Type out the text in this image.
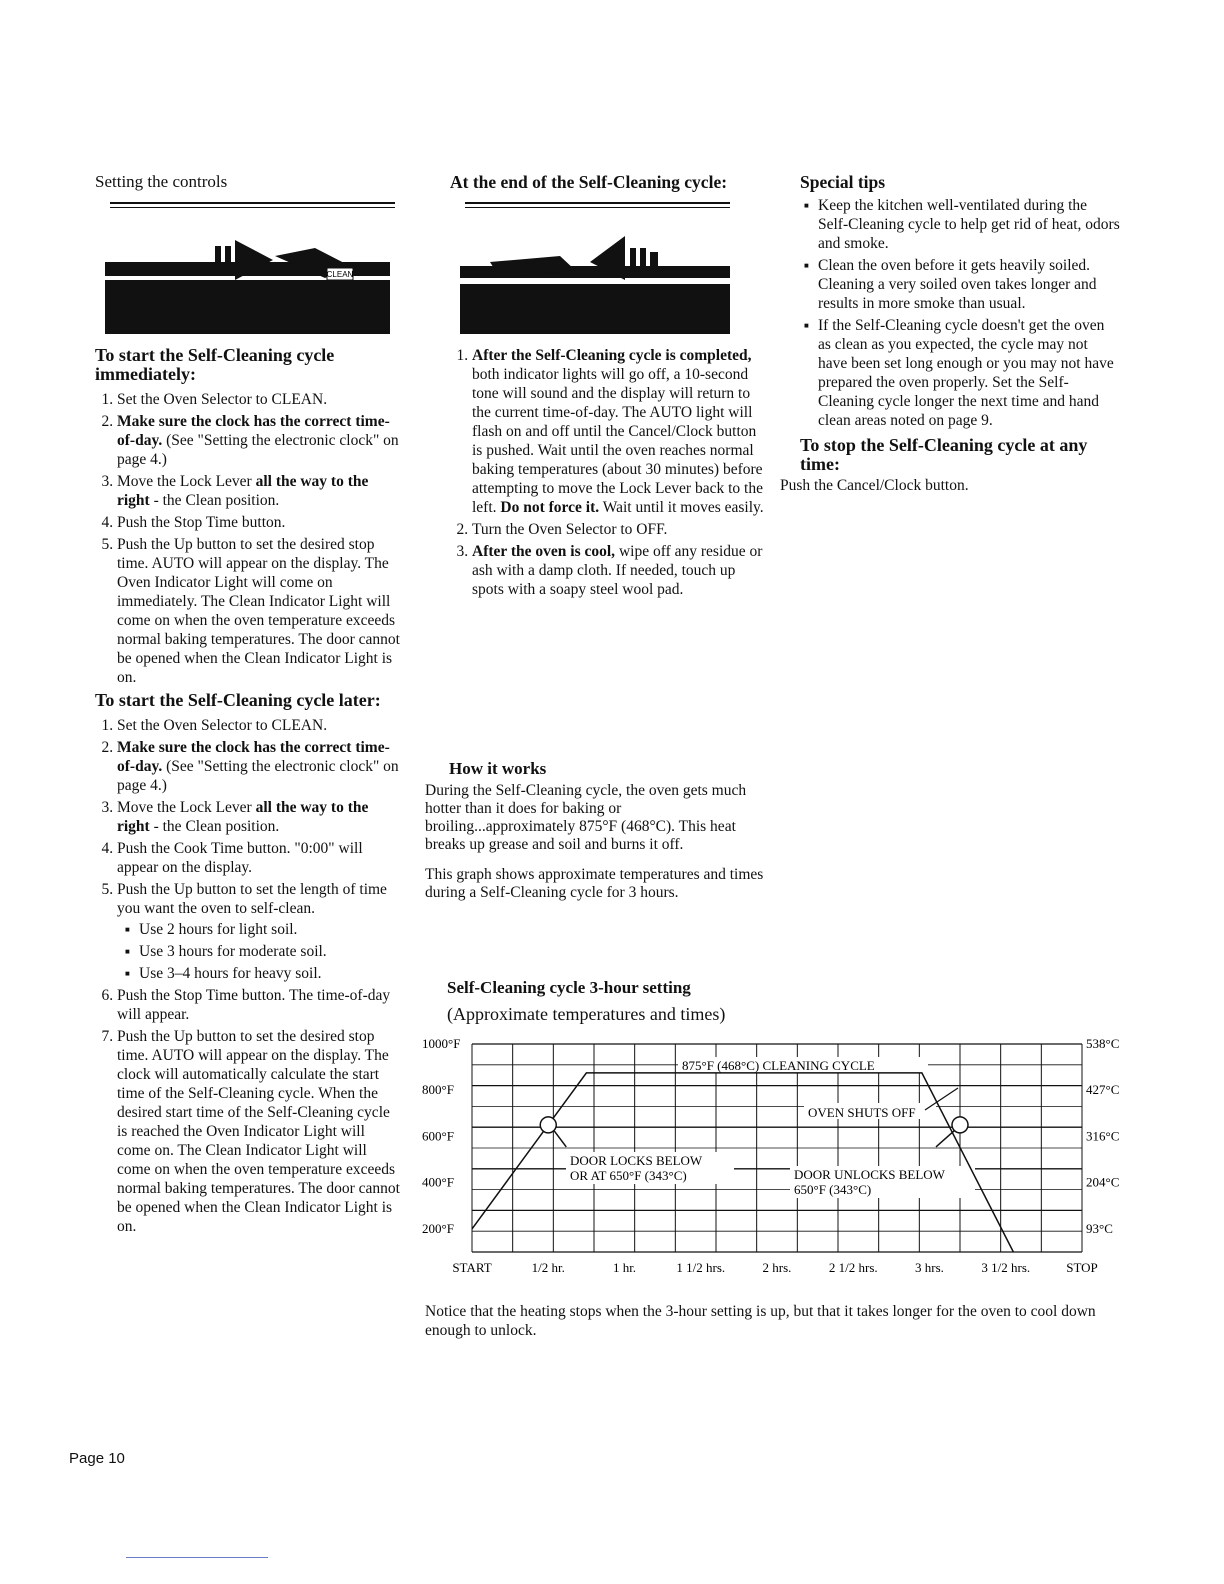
Setting the controls

CLEAN

To start the Self-Cleaning cycle immediately:

1. Set the Oven Selector to CLEAN.
2. Make sure the clock has the correct time-of-day. (See "Setting the electronic clock" on page 4.)
3. Move the Lock Lever all the way to the right - the Clean position.
4. Push the Stop Time button.
5. Push the Up button to set the desired stop time. AUTO will appear on the display. The Oven Indicator Light will come on immediately. The Clean Indicator Light will come on when the oven temperature exceeds normal baking temperatures. The door cannot be opened when the Clean Indicator Light is on.

To start the Self-Cleaning cycle later:

1. Set the Oven Selector to CLEAN.
2. Make sure the clock has the correct time-of-day. (See "Setting the electronic clock" on page 4.)
3. Move the Lock Lever all the way to the right - the Clean position.
4. Push the Cook Time button. "0:00" will appear on the display.
5. Push the Up button to set the length of time you want the oven to self-clean.
■ Use 2 hours for light soil.
■ Use 3 hours for moderate soil.
■ Use 3–4 hours for heavy soil.
6. Push the Stop Time button. The time-of-day will appear.
7. Push the Up button to set the desired stop time. AUTO will appear on the display. The clock will automatically calculate the start time of the Self-Cleaning cycle. When the desired start time of the Self-Cleaning cycle is reached the Oven Indicator Light will come on. The Clean Indicator Light will come on when the oven temperature exceeds normal baking temperatures. The door cannot be opened when the Clean Indicator Light is on.

At the end of the Self-Cleaning cycle:

1. After the Self-Cleaning cycle is completed, both indicator lights will go off, a 10-second tone will sound and the display will return to the current time-of-day. The AUTO light will flash on and off until the Cancel/Clock button is pushed. Wait until the oven reaches normal baking temperatures (about 30 minutes) before attempting to move the Lock Lever back to the left. Do not force it. Wait until it moves easily.
2. Turn the Oven Selector to OFF.
3. After the oven is cool, wipe off any residue or ash with a damp cloth. If needed, touch up spots with a soapy steel wool pad.

Special tips

■ Keep the kitchen well-ventilated during the Self-Cleaning cycle to help get rid of heat, odors and smoke.
■ Clean the oven before it gets heavily soiled. Cleaning a very soiled oven takes longer and results in more smoke than usual.
■ If the Self-Cleaning cycle doesn't get the oven as clean as you expected, the cycle may not have been set long enough or you may not have prepared the oven properly. Set the Self-Cleaning cycle longer the next time and hand clean areas noted on page 9.

To stop the Self-Cleaning cycle at any time:

Push the Cancel/Clock button.

How it works

During the Self-Cleaning cycle, the oven gets much hotter than it does for baking or broiling...approximately 875°F (468°C). This heat breaks up grease and soil and burns it off.

This graph shows approximate temperatures and times during a Self-Cleaning cycle for 3 hours.

Self-Cleaning cycle 3-hour setting

(Approximate temperatures and times)

1000°F
800°F
600°F
400°F
200°F
538°C
427°C
316°C
204°C
93°C
START	1/2 hr.	1 hr.	1 1/2 hrs.	2 hrs.	2 1/2 hrs.	3 hrs.	3 1/2 hrs.	STOP
875°F (468°C) CLEANING CYCLE
OVEN SHUTS OFF
DOOR LOCKS BELOW
OR AT 650°F (343°C)	DOOR UNLOCKS BELOW
650°F (343°C)

Notice that the heating stops when the 3-hour setting is up, but that it takes longer for the oven to cool down enough to unlock.

Page 10
